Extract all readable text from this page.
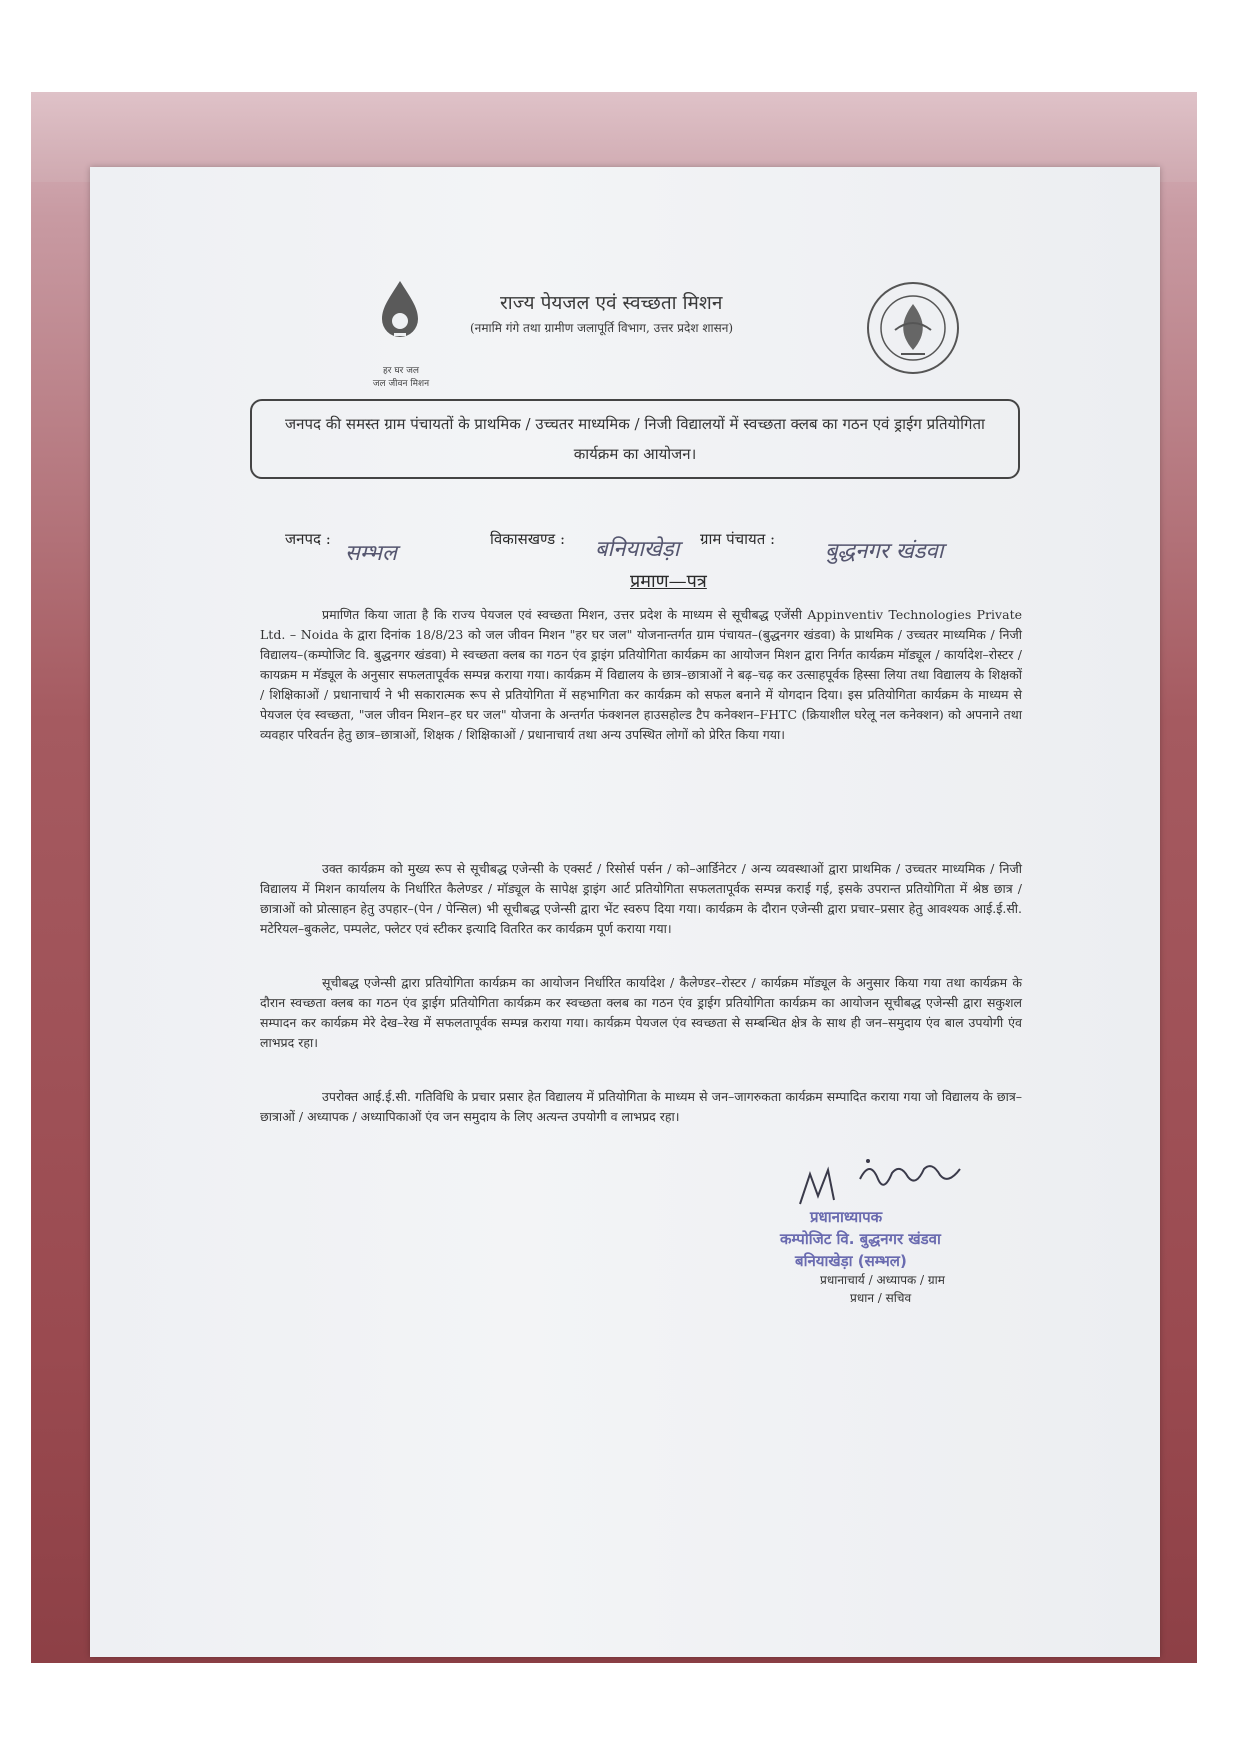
हर घर जल
जल जीवन मिशन
राज्य पेयजल एवं स्वच्छता मिशन
(नमामि गंगे तथा ग्रामीण जलापूर्ति विभाग, उत्तर प्रदेश शासन)
जनपद की समस्त ग्राम पंचायतों के प्राथमिक / उच्चतर माध्यमिक / निजी विद्यालयों में स्वच्छता क्लब का गठन एवं ड्राईग प्रतियोगिता कार्यक्रम का आयोजन।
जनपद :
सम्भल
विकासखण्ड : बनियाखेड़ा ग्राम पंचायत : बुद्धनगर खंडवा
प्रमाण—पत्र
प्रमाणित किया जाता है कि राज्य पेयजल एवं स्वच्छता मिशन, उत्तर प्रदेश के माध्यम से सूचीबद्ध एजेंसी Appinventiv Technologies Private Ltd. – Noida के द्वारा दिनांक 18/8/23 को जल जीवन मिशन "हर घर जल" योजनान्तर्गत ग्राम पंचायत–(बुद्धनगर खंडवा) के प्राथमिक / उच्चतर माध्यमिक / निजी विद्यालय–(कम्पोजिट वि. बुद्धनगर खंडवा) मे स्वच्छता क्लब का गठन एंव ड्राइंग प्रतियोगिता कार्यक्रम का आयोजन मिशन द्वारा निर्गत कार्यक्रम मॉड्यूल / कार्यादेश–रोस्टर / कायक्रम म मॅड्यूल के अनुसार सफलतापूर्वक सम्पन्न कराया गया। कार्यक्रम में विद्यालय के छात्र–छात्राओं ने बढ़–चढ़ कर उत्साहपूर्वक हिस्सा लिया तथा विद्यालय के शिक्षकों / शिक्षिकाओं / प्रधानाचार्य ने भी सकारात्मक रूप से प्रतियोगिता में सहभागिता कर कार्यक्रम को सफल बनाने में योगदान दिया। इस प्रतियोगिता कार्यक्रम के माध्यम से पेयजल एंव स्वच्छता, "जल जीवन मिशन–हर घर जल" योजना के अन्तर्गत फंक्शनल हाउसहोल्ड टैप कनेक्शन–FHTC (क्रियाशील घरेलू नल कनेक्शन) को अपनाने तथा व्यवहार परिवर्तन हेतु छात्र–छात्राओं, शिक्षक / शिक्षिकाओं / प्रधानाचार्य तथा अन्य उपस्थित लोगों को प्रेरित किया गया।
उक्त कार्यक्रम को मुख्य रूप से सूचीबद्ध एजेन्सी के एक्सर्ट / रिसोर्स पर्सन / को–आर्डिनेटर / अन्य व्यवस्थाओं द्वारा प्राथमिक / उच्चतर माध्यमिक / निजी विद्यालय में मिशन कार्यालय के निर्धारित कैलेण्डर / मॉड्यूल के सापेक्ष ड्राइंग आर्ट प्रतियोगिता सफलतापूर्वक सम्पन्न कराई गई, इसके उपरान्त प्रतियोगिता में श्रेष्ठ छात्र / छात्राओं को प्रोत्साहन हेतु उपहार–(पेन / पेन्सिल) भी सूचीबद्ध एजेन्सी द्वारा भेंट स्वरुप दिया गया। कार्यक्रम के दौरान एजेन्सी द्वारा प्रचार–प्रसार हेतु आवश्यक आई.ई.सी. मटेरियल–बुकलेट, पम्पलेट, फ्लेटर एवं स्टीकर इत्यादि वितरित कर कार्यक्रम पूर्ण कराया गया।
सूचीबद्ध एजेन्सी द्वारा प्रतियोगिता कार्यक्रम का आयोजन निर्धारित कार्यादेश / कैलेण्डर–रोस्टर / कार्यक्रम मॉड्यूल के अनुसार किया गया तथा कार्यक्रम के दौरान स्वच्छता क्लब का गठन एंव ड्राईग प्रतियोगिता कार्यक्रम कर स्वच्छता क्लब का गठन एंव ड्राईग प्रतियोगिता कार्यक्रम का आयोजन सूचीबद्ध एजेन्सी द्वारा सकुशल सम्पादन कर कार्यक्रम मेरे देख–रेख में सफलतापूर्वक सम्पन्न कराया गया। कार्यक्रम पेयजल एंव स्वच्छता से सम्बन्धित क्षेत्र के साथ ही जन–समुदाय एंव बाल उपयोगी एंव लाभप्रद रहा।
उपरोक्त आई.ई.सी. गतिविधि के प्रचार प्रसार हेत विद्यालय में प्रतियोगिता के माध्यम से जन–जागरुकता कार्यक्रम सम्पादित कराया गया जो विद्यालय के छात्र–छात्राओं / अध्यापक / अध्यापिकाओं एंव जन समुदाय के लिए अत्यन्त उपयोगी व लाभप्रद रहा।
प्रधानाध्यापक
कम्पोजिट वि. बुद्धनगर खंडवा
बनियाखेड़ा (सम्भल)
प्रधानाचार्य / अध्यापक / ग्राम
प्रधान / सचिव
